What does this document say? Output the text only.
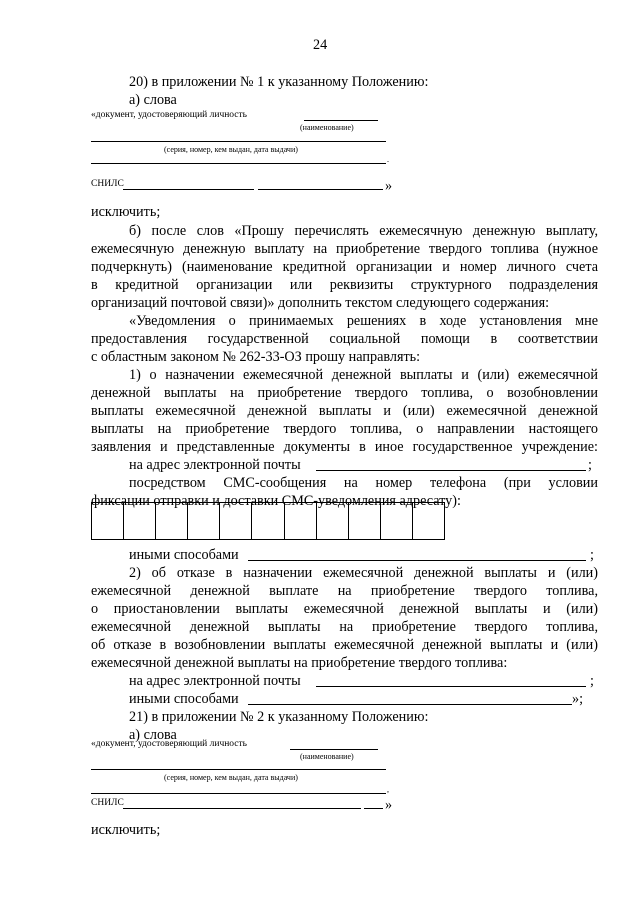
24
20) в приложении № 1 к указанному Положению:
а) слова
«документ, удостоверяющий личность
(наименование)
(серия, номер, кем выдан, дата выдачи)
.
СНИЛС	»
исключить;
б) после слов «Прошу перечислять ежемесячную денежную выплату,
ежемесячную денежную выплату на приобретение твердого топлива (нужное
подчеркнуть) (наименование кредитной организации и номер личного счета
в кредитной организации или реквизиты структурного подразделения
организаций почтовой связи)» дополнить текстом следующего содержания:
«Уведомления о принимаемых решениях в ходе установления мне
предоставления государственной социальной помощи в соответствии
с областным законом № 262-33-ОЗ прошу направлять:
1) о назначении ежемесячной денежной выплаты и (или) ежемесячной
денежной выплаты на приобретение твердого топлива, о возобновлении
выплаты ежемесячной денежной выплаты и (или) ежемесячной денежной
выплаты на приобретение твердого топлива, о направлении настоящего
заявления и представленные документы в иное государственное учреждение:
на адрес электронной почты	;
посредством СМС-сообщения на номер телефона (при условии
фиксации отправки и доставки СМС-уведомления адресату):
иными способами	;
2) об отказе в назначении ежемесячной денежной выплаты и (или)
ежемесячной денежной выплате на приобретение твердого топлива,
о приостановлении выплаты ежемесячной денежной выплаты и (или)
ежемесячной денежной выплаты на приобретение твердого топлива,
об отказе в возобновлении выплаты ежемесячной денежной выплаты и (или)
ежемесячной денежной выплаты на приобретение твердого топлива:
на адрес электронной почты	;
иными способами	»;
21) в приложении № 2 к указанному Положению:
а) слова
«документ, удостоверяющий личность
(наименование)
(серия, номер, кем выдан, дата выдачи)
,
СНИЛС	»
исключить;
